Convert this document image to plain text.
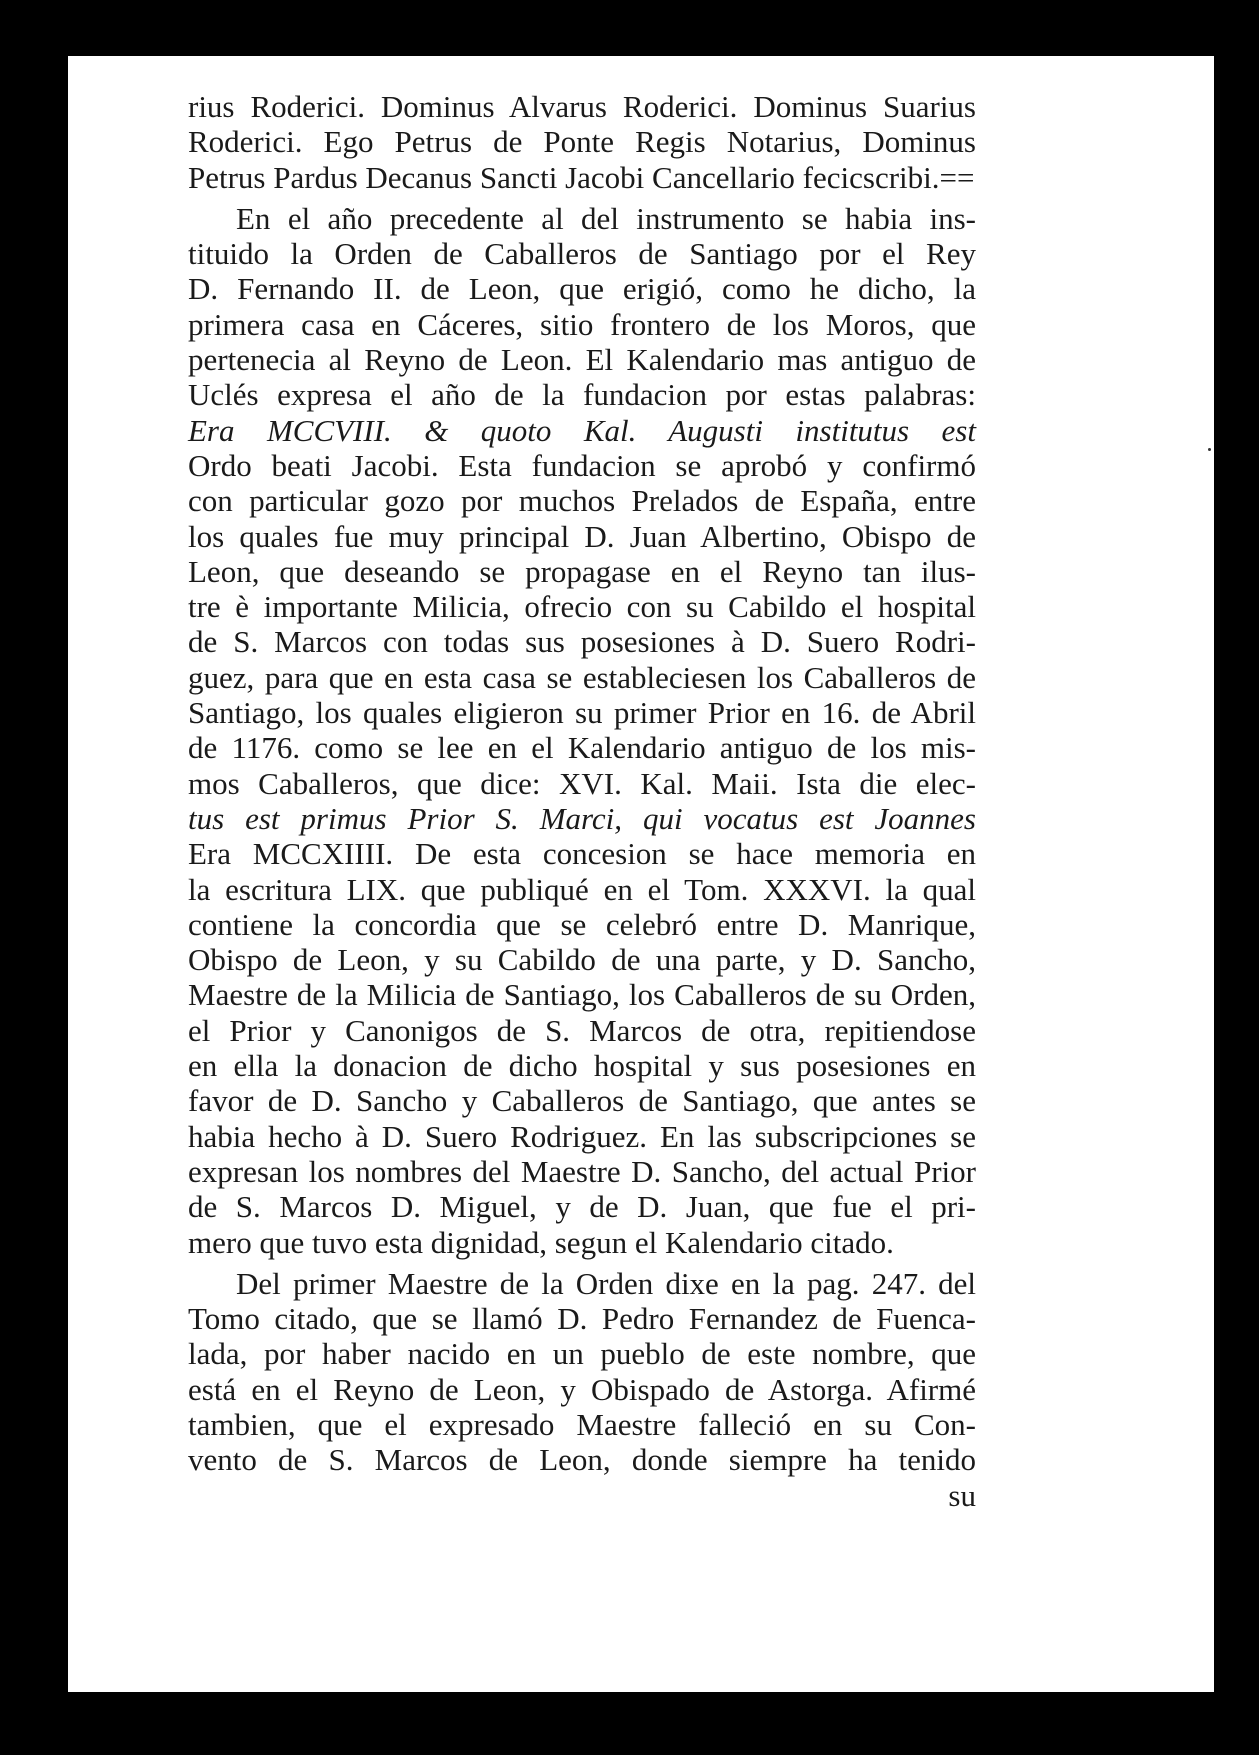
rius Roderici. Dominus Alvarus Roderici. Dominus Suarius
Roderici. Ego Petrus de Ponte Regis Notarius, Dominus
Petrus Pardus Decanus Sancti Jacobi Cancellario fecicscribi.==
En el año precedente al del instrumento se habia ins-
tituido la Orden de Caballeros de Santiago por el Rey
D. Fernando II. de Leon, que erigió, como he dicho, la
primera casa en Cáceres, sitio frontero de los Moros, que
pertenecia al Reyno de Leon. El Kalendario mas antiguo de
Uclés expresa el año de la fundacion por estas palabras:
Era MCCVIII. & quoto Kal. Augusti institutus est
Ordo beati Jacobi. Esta fundacion se aprobó y confirmó
con particular gozo por muchos Prelados de España, entre
los quales fue muy principal D. Juan Albertino, Obispo de
Leon, que deseando se propagase en el Reyno tan ilus-
tre è importante Milicia, ofrecio con su Cabildo el hospital
de S. Marcos con todas sus posesiones à D. Suero Rodri-
guez, para que en esta casa se estableciesen los Caballeros de
Santiago, los quales eligieron su primer Prior en 16. de Abril
de 1176. como se lee en el Kalendario antiguo de los mis-
mos Caballeros, que dice: XVI. Kal. Maii. Ista die elec-
tus est primus Prior S. Marci, qui vocatus est Joannes
Era MCCXIIII. De esta concesion se hace memoria en
la escritura LIX. que publiqué en el Tom. XXXVI. la qual
contiene la concordia que se celebró entre D. Manrique,
Obispo de Leon, y su Cabildo de una parte, y D. Sancho,
Maestre de la Milicia de Santiago, los Caballeros de su Orden,
el Prior y Canonigos de S. Marcos de otra, repitiendose
en ella la donacion de dicho hospital y sus posesiones en
favor de D. Sancho y Caballeros de Santiago, que antes se
habia hecho à D. Suero Rodriguez. En las subscripciones se
expresan los nombres del Maestre D. Sancho, del actual Prior
de S. Marcos D. Miguel, y de D. Juan, que fue el pri-
mero que tuvo esta dignidad, segun el Kalendario citado.
Del primer Maestre de la Orden dixe en la pag. 247. del
Tomo citado, que se llamó D. Pedro Fernandez de Fuenca-
lada, por haber nacido en un pueblo de este nombre, que
está en el Reyno de Leon, y Obispado de Astorga. Afirmé
tambien, que el expresado Maestre falleció en su Con-
vento de S. Marcos de Leon, donde siempre ha tenido
su
